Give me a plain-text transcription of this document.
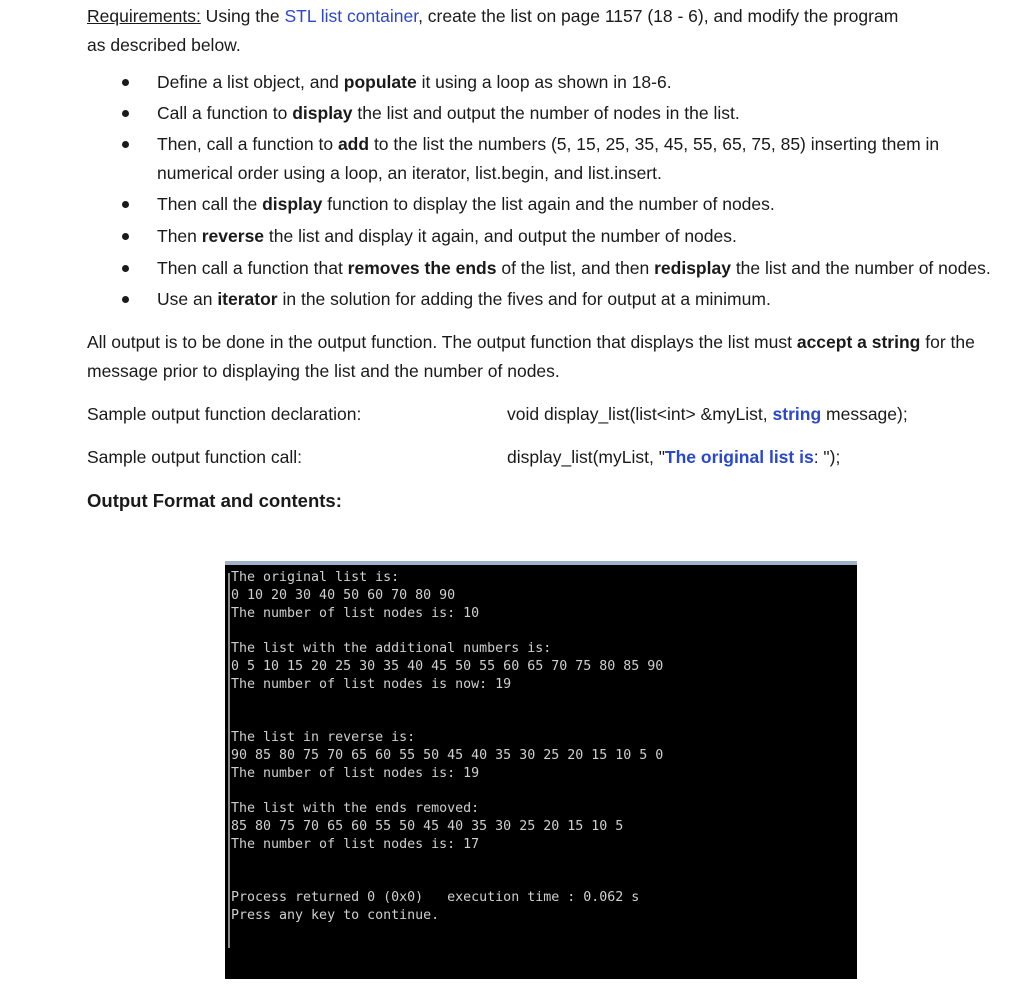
Requirements: Using the STL list container, create the list on page 1157 (18 - 6), and modify the program
as described below.
Define a list object, and populate it using a loop as shown in 18-6.
Call a function to display the list and output the number of nodes in the list.
Then, call a function to add to the list the numbers (5, 15, 25, 35, 45, 55, 65, 75, 85) inserting them in numerical order using a loop, an iterator, list.begin, and list.insert.
Then call the display function to display the list again and the number of nodes.
Then reverse the list and display it again, and output the number of nodes.
Then call a function that removes the ends of the list, and then redisplay the list and the number of nodes.
Use an iterator in the solution for adding the fives and for output at a minimum.
All output is to be done in the output function. The output function that displays the list must accept a string for the message prior to displaying the list and the number of nodes.
Sample output function declaration:	void display_list(list<int> &myList, string message);
Sample output function call:	display_list(myList, "The original list is: ");
Output Format and contents:
The original list is:
0 10 20 30 40 50 60 70 80 90
The number of list nodes is: 10

The list with the additional numbers is:
0 5 10 15 20 25 30 35 40 45 50 55 60 65 70 75 80 85 90
The number of list nodes is now: 19

The list in reverse is:
90 85 80 75 70 65 60 55 50 45 40 35 30 25 20 15 10 5 0
The number of list nodes is: 19

The list with the ends removed:
85 80 75 70 65 60 55 50 45 40 35 30 25 20 15 10 5
The number of list nodes is: 17

Process returned 0 (0x0)   execution time : 0.062 s
Press any key to continue.
